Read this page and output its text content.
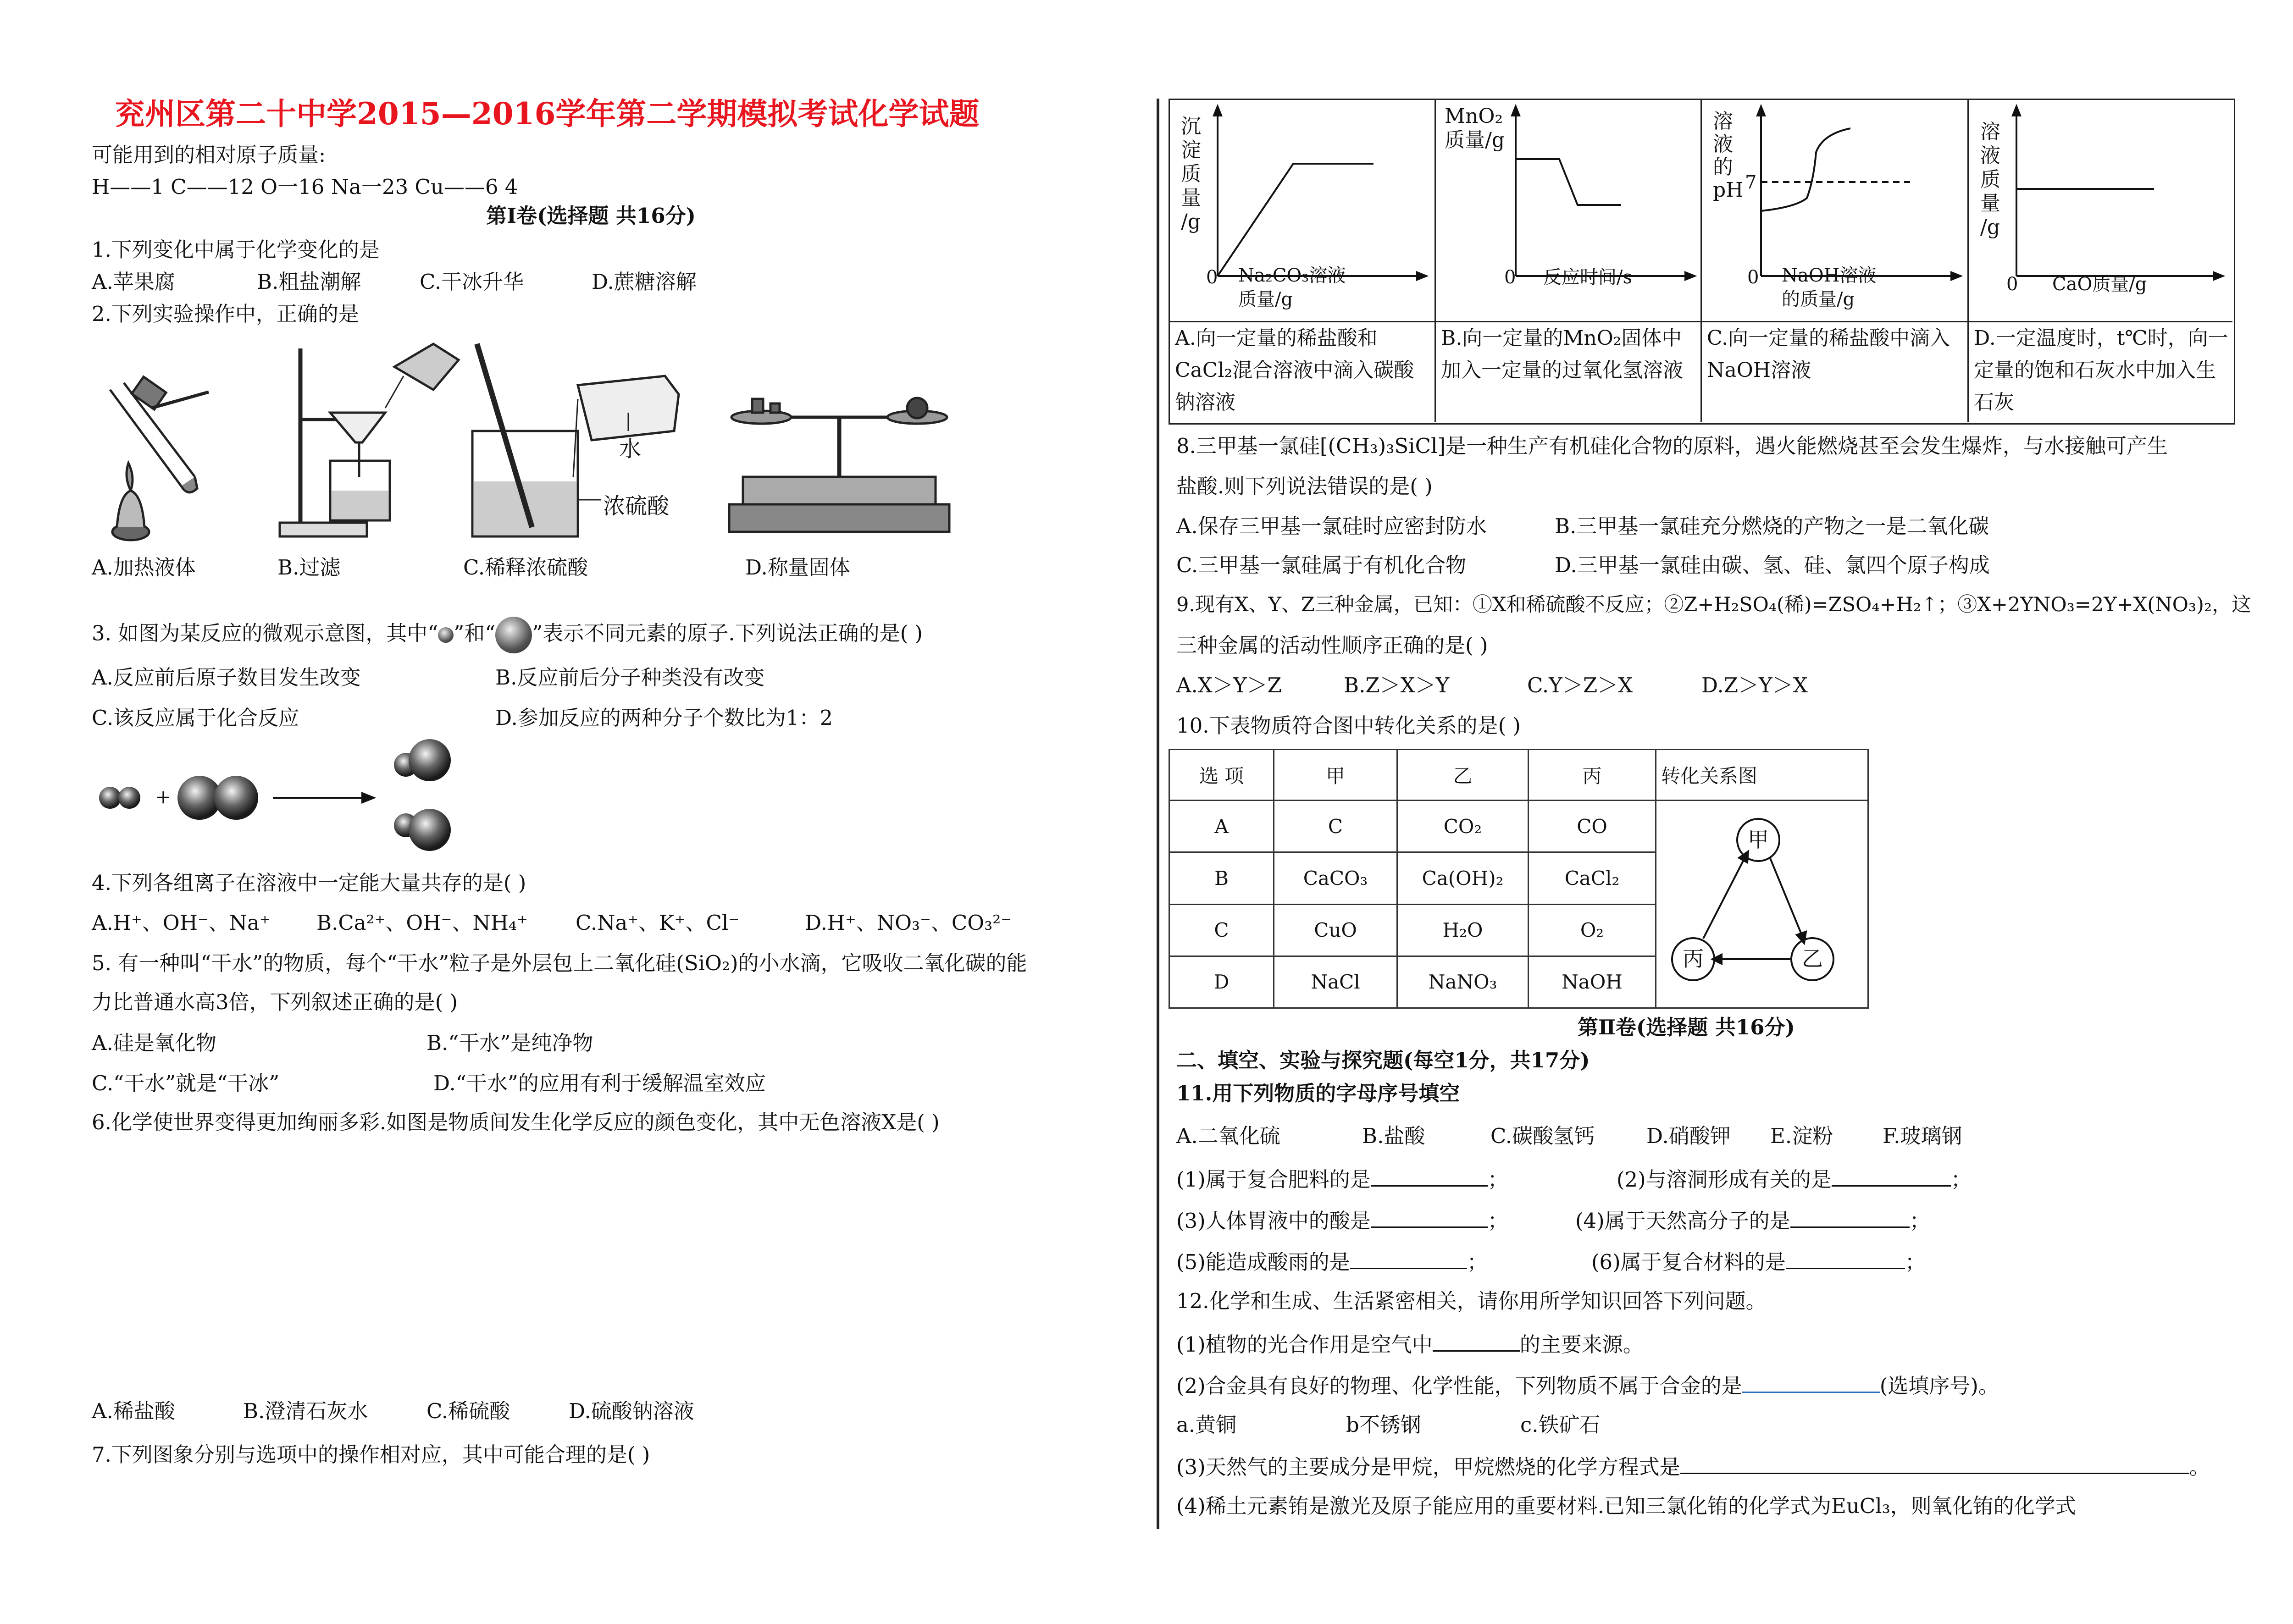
兖州区第二十中学2015—2016学年第二学期模拟考试化学试题
可能用到的相对原子质量:
H——1 C——12 O一16 Na一23 Cu——6 4
第Ⅰ卷(选择题 共16分)
1.下列变化中属于化学变化的是
A.苹果腐	B.粗盐潮解	C.干冰升华	D.蔗糖溶解
2.下列实验操作中，正确的是
水
浓硫酸
A.加热液体	B.过滤	C.稀释浓硫酸	D.称量固体
3. 如图为某反应的微观示意图，其中“ ”和“ ”表示不同元素的原子.下列说法正确的是( )
A.反应前后原子数目发生改变	B.反应前后分子种类没有改变
C.该反应属于化合反应	D.参加反应的两种分子个数比为1：2
+
4.下列各组离子在溶液中一定能大量共存的是( )
A.H⁺、OH⁻、Na⁺ B.Ca²⁺、OH⁻、NH₄⁺ C.Na⁺、K⁺、Cl⁻	D.H⁺、NO₃⁻、CO₃²⁻
5. 有一种叫“干水”的物质，每个“干水”粒子是外层包上二氧化硅(SiO₂)的小水滴，它吸收二氧化碳的能
力比普通水高3倍，下列叙述正确的是( )
A.硅是氧化物	B.“干水”是纯净物
C.“干水”就是“干冰”	D.“干水”的应用有利于缓解温室效应
6.化学使世界变得更加绚丽多彩.如图是物质间发生化学反应的颜色变化，其中无色溶液X是( )
A.稀盐酸	B.澄清石灰水	C.稀硫酸	D.硫酸钠溶液
7.下列图象分别与选项中的操作相对应，其中可能合理的是( )
沉 淀 质 量 /g
0 Na₂CO₃溶液
质量/g
MnO₂
质量/g
0 反应时间/s
溶
液
的
pH 7
0 NaOH溶液
的质量/g
溶
液
质
量
/g
0 CaO质量/g
A.向一定量的稀盐酸和CaCl₂混合溶液中滴入碳酸钠溶液
B.向一定量的MnO₂固体中加入一定量的过氧化氢溶液
C.向一定量的稀盐酸中滴入NaOH溶液
D.一定温度时，t℃时，向一定量的饱和石灰水中加入生石灰
8.三甲基一氯硅[(CH₃)₃SiCl]是一种生产有机硅化合物的原料，遇火能燃烧甚至会发生爆炸，与水接触可产生
盐酸.则下列说法错误的是( )
A.保存三甲基一氯硅时应密封防水	B.三甲基一氯硅充分燃烧的产物之一是二氧化碳
C.三甲基一氯硅属于有机化合物	D.三甲基一氯硅由碳、氢、硅、氯四个原子构成
9.现有X、Y、Z三种金属，已知：①X和稀硫酸不反应；②Z+H₂SO₄(稀)=ZSO₄+H₂↑；③X+2YNO₃=2Y+X(NO₃)₂，这
三种金属的活动性顺序正确的是( )
A.X＞Y＞Z	B.Z＞X＞Y	C.Y＞Z＞X	D.Z＞Y＞X
10.下表物质符合图中转化关系的是( )
选 项	甲	乙	丙	转化关系图
A	C	CO₂	CO	甲
乙
丙

B	CaCO₃	Ca(OH)₂	CaCl₂	
C	CuO	H₂O	O₂	
D	NaCl	NaNO₃	NaOH	
第Ⅱ卷(选择题 共16分)
二、填空、实验与探究题(每空1分，共17分)
11.用下列物质的字母序号填空
A.二氧化硫	B.盐酸	C.碳酸氢钙	D.硝酸钾 E.淀粉 F.玻璃钢
(1)属于复合肥料的是	；	(2)与溶洞形成有关的是	；
(3)人体胃液中的酸是	；	(4)属于天然高分子的是	；
(5)能造成酸雨的是	；	(6)属于复合材料的是	；
12.化学和生成、生活紧密相关，请你用所学知识回答下列问题。
(1)植物的光合作用是空气中	的主要来源。
(2)合金具有良好的物理、化学性能，下列物质不属于合金的是	(选填序号)。
a.黄铜	b不锈钢	c.铁矿石
(3)天然气的主要成分是甲烷，甲烷燃烧的化学方程式是	。
(4)稀土元素铕是激光及原子能应用的重要材料.已知三氯化铕的化学式为EuCl₃，则氧化铕的化学式
